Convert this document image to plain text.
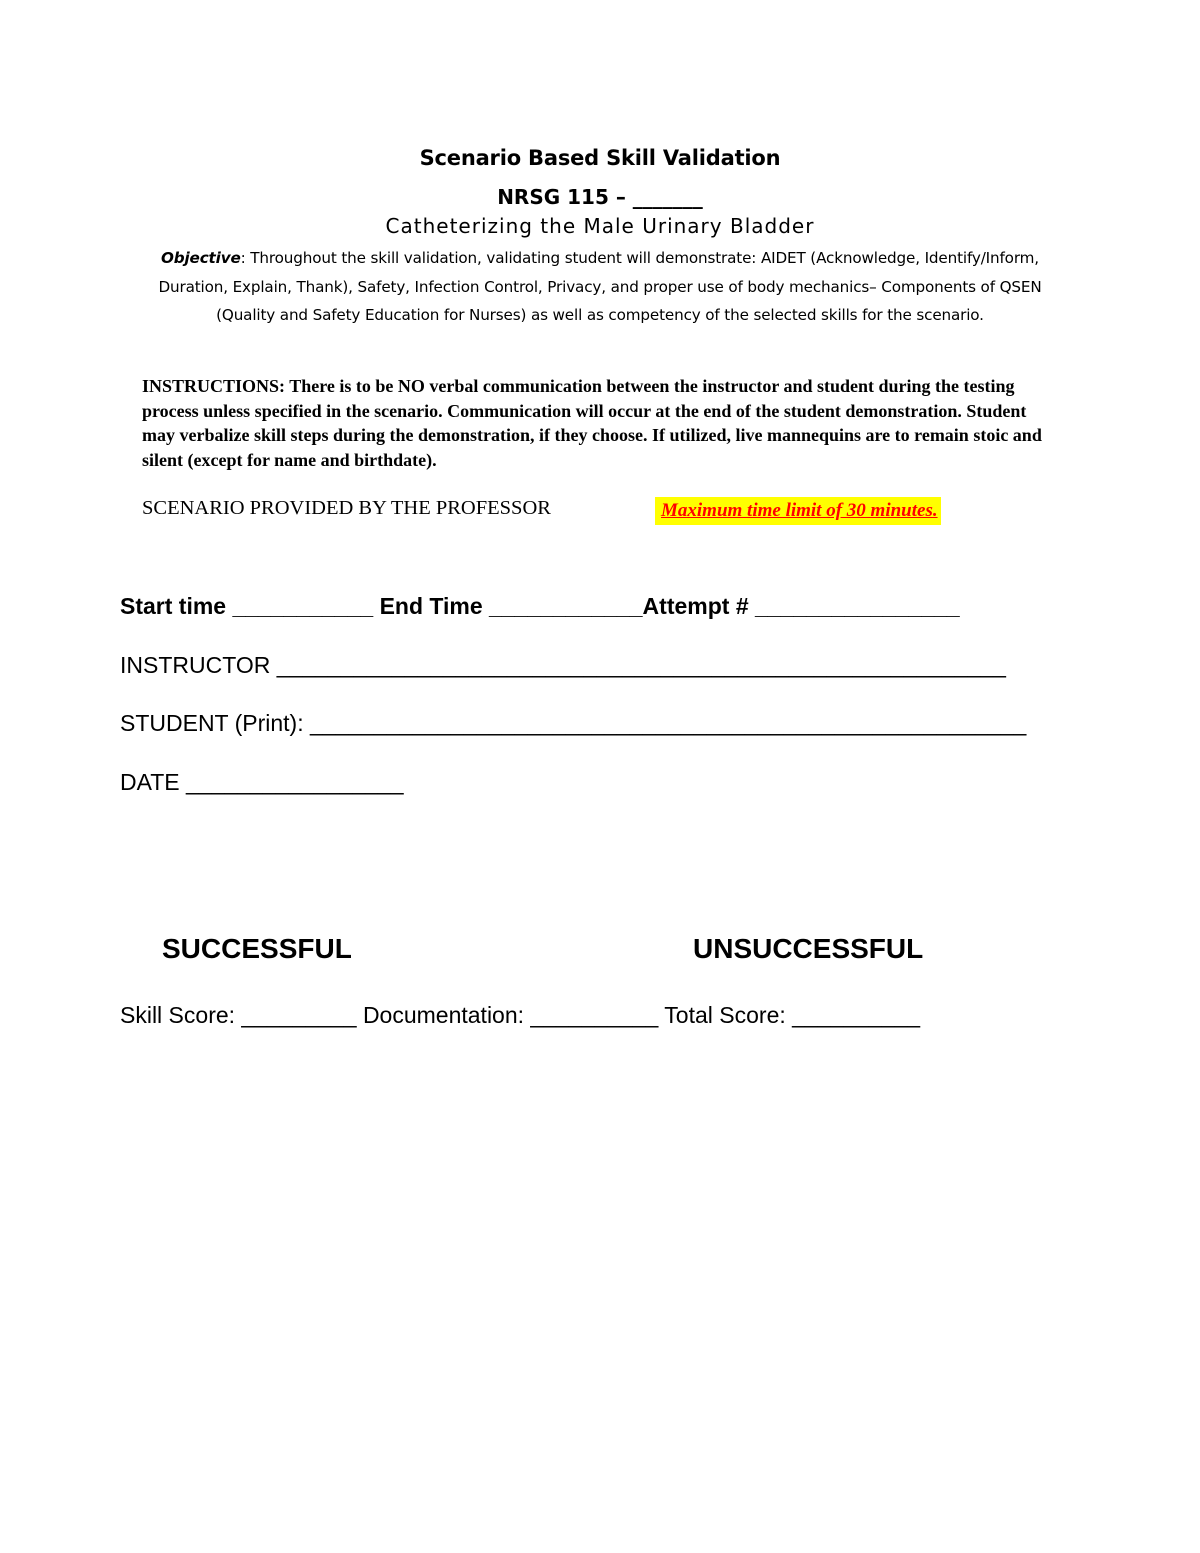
Scenario Based Skill Validation
NRSG 115 – _______
Catheterizing the Male Urinary Bladder
Objective: Throughout the skill validation, validating student will demonstrate: AIDET (Acknowledge, Identify/Inform, Duration, Explain, Thank), Safety, Infection Control, Privacy, and proper use of body mechanics– Components of QSEN (Quality and Safety Education for Nurses) as well as competency of the selected skills for the scenario.
INSTRUCTIONS: There is to be NO verbal communication between the instructor and student during the testing process unless specified in the scenario. Communication will occur at the end of the student demonstration. Student may verbalize skill steps during the demonstration, if they choose. If utilized, live mannequins are to remain stoic and silent (except for name and birthdate).
SCENARIO PROVIDED BY THE PROFESSOR	Maximum time limit of 30 minutes.
Start time ___________ End Time ____________Attempt # ________________
INSTRUCTOR _________________________________________________________
STUDENT (Print): ________________________________________________________
DATE _________________
SUCCESSFUL	UNSUCCESSFUL
Skill Score: _________ Documentation: __________ Total Score: __________
